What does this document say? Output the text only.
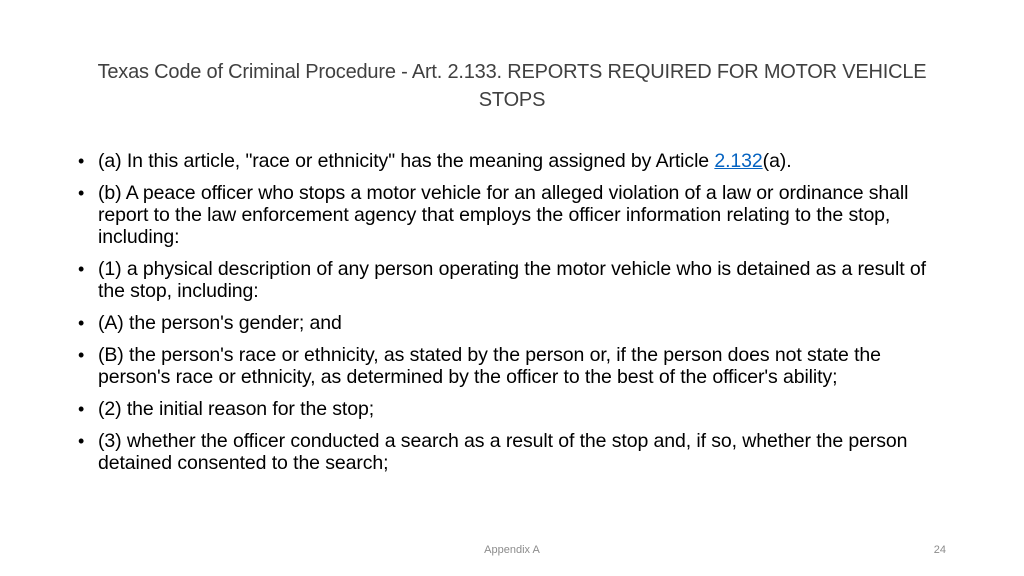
Texas Code of Criminal Procedure - Art. 2.133. REPORTS REQUIRED FOR MOTOR VEHICLE STOPS
• (a) In this article, "race or ethnicity" has the meaning assigned by Article 2.132(a).
• (b) A peace officer who stops a motor vehicle for an alleged violation of a law or ordinance shall report to the law enforcement agency that employs the officer information relating to the stop, including:
• (1) a physical description of any person operating the motor vehicle who is detained as a result of the stop, including:
• (A) the person's gender; and
• (B) the person's race or ethnicity, as stated by the person or, if the person does not state the person's race or ethnicity, as determined by the officer to the best of the officer's ability;
• (2) the initial reason for the stop;
• (3) whether the officer conducted a search as a result of the stop and, if so, whether the person detained consented to the search;
Appendix A	24
